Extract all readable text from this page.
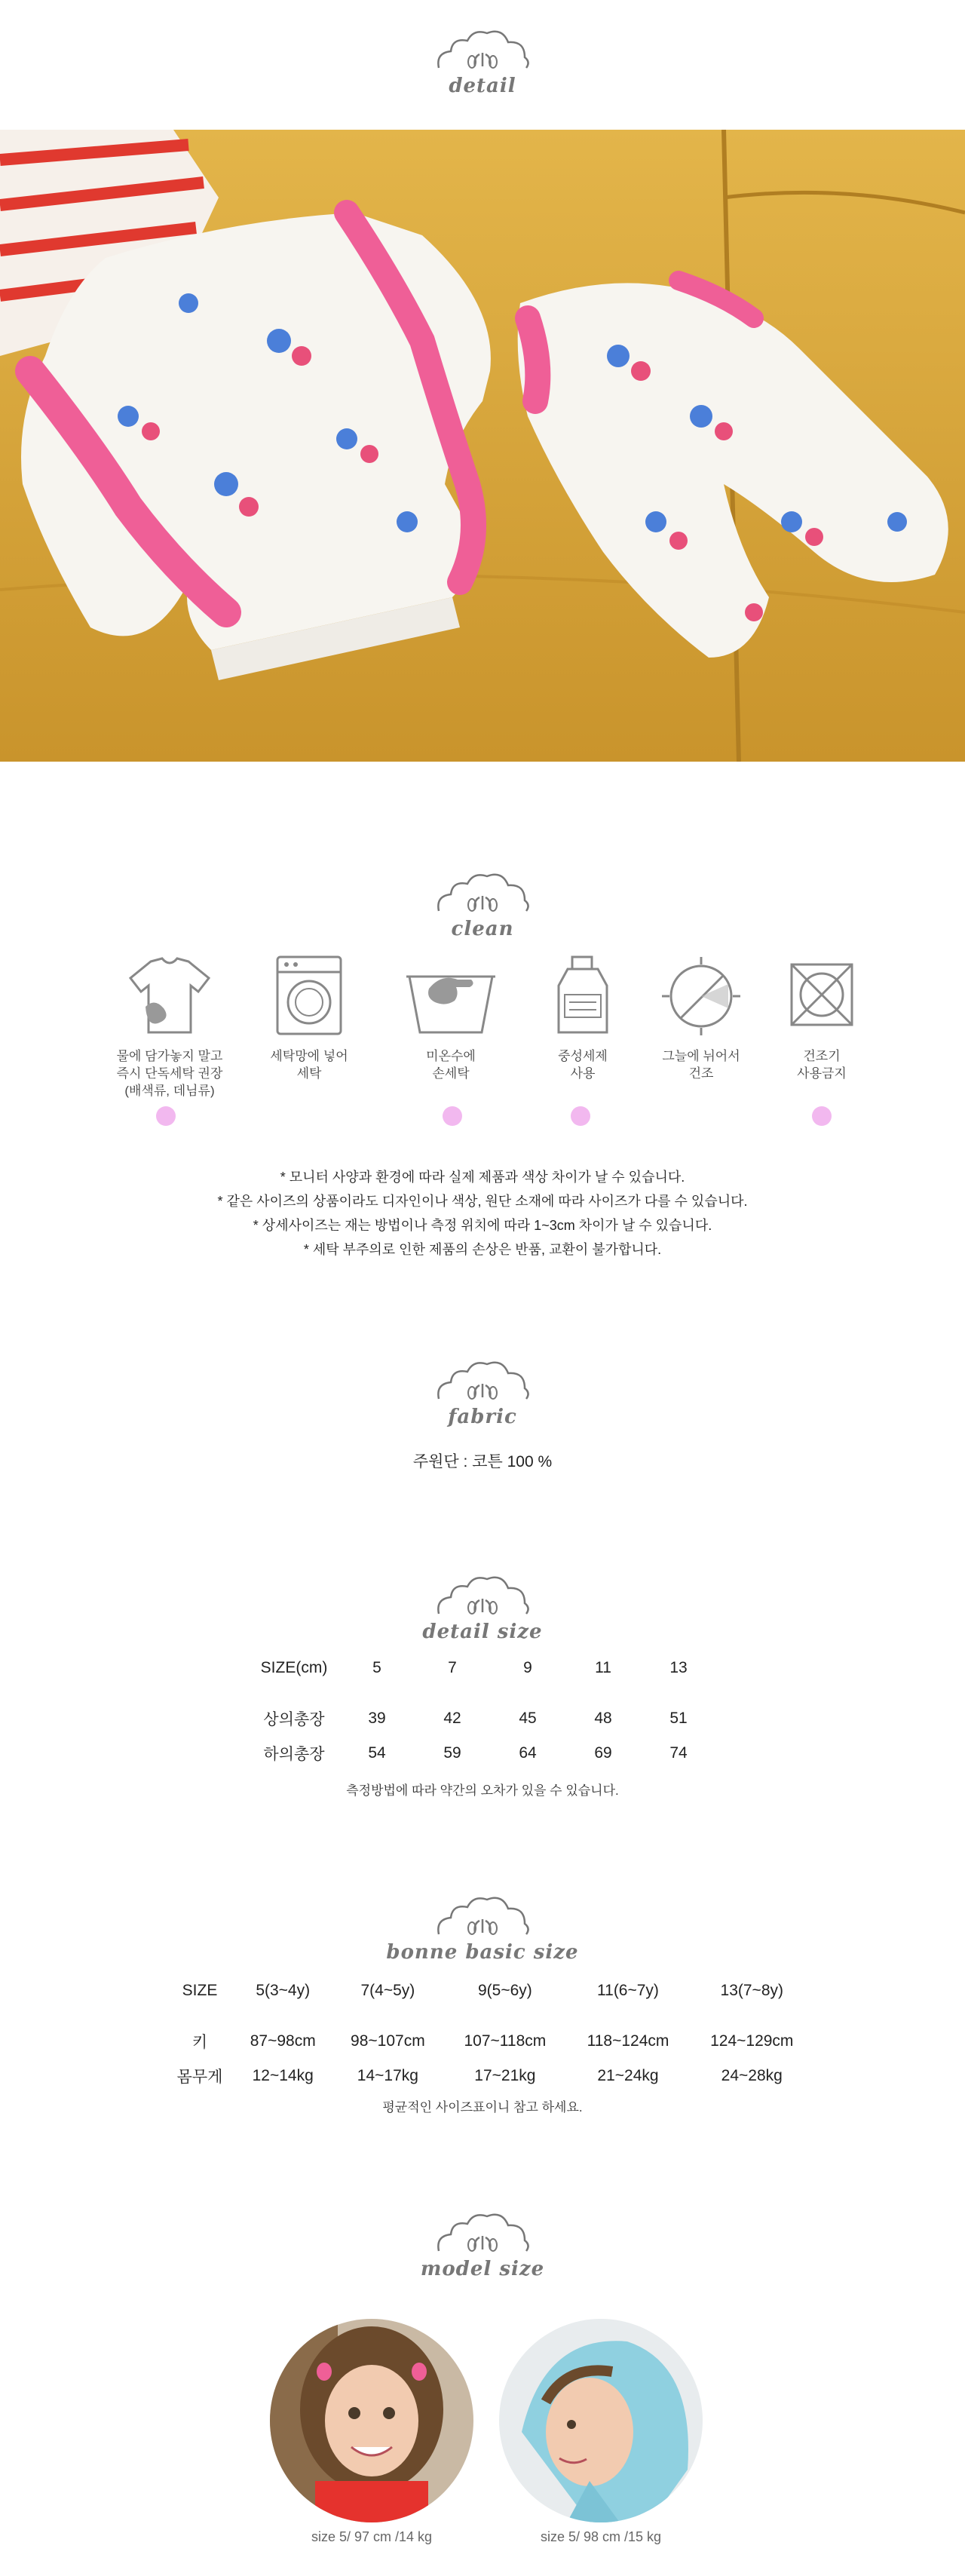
detail
clean
물에 담가놓지 말고
즉시 단독세탁 권장
(배색류, 데님류)
세탁망에 넣어
세탁
미온수에
손세탁
중성세제
사용
그늘에 뉘어서
건조
건조기
사용금지
* 모니터 사양과 환경에 따라 실제 제품과 색상 차이가 날 수 있습니다.
* 같은 사이즈의 상품이라도 디자인이나 색상, 원단 소재에 따라 사이즈가 다를 수 있습니다.
* 상세사이즈는 재는 방법이나 측정 위치에 따라 1~3cm 차이가 날 수 있습니다.
* 세탁 부주의로 인한 제품의 손상은 반품, 교환이 불가합니다.
fabric
주원단 : 코튼 100 %
detail size
SIZE(cm)	5	7	9	11	13
상의총장	39	42	45	48	51
하의총장	54	59	64	69	74
측정방법에 따라 약간의 오차가 있을 수 있습니다.
bonne basic size
SIZE	5(3~4y)	7(4~5y)	9(5~6y)	11(6~7y)	13(7~8y)
키	87~98cm	98~107cm	107~118cm	118~124cm	124~129cm
몸무게	12~14kg	14~17kg	17~21kg	21~24kg	24~28kg
평균적인 사이즈표이니 참고 하세요.
model size
size 5/ 97 cm /14 kg	size 5/ 98 cm /15 kg
